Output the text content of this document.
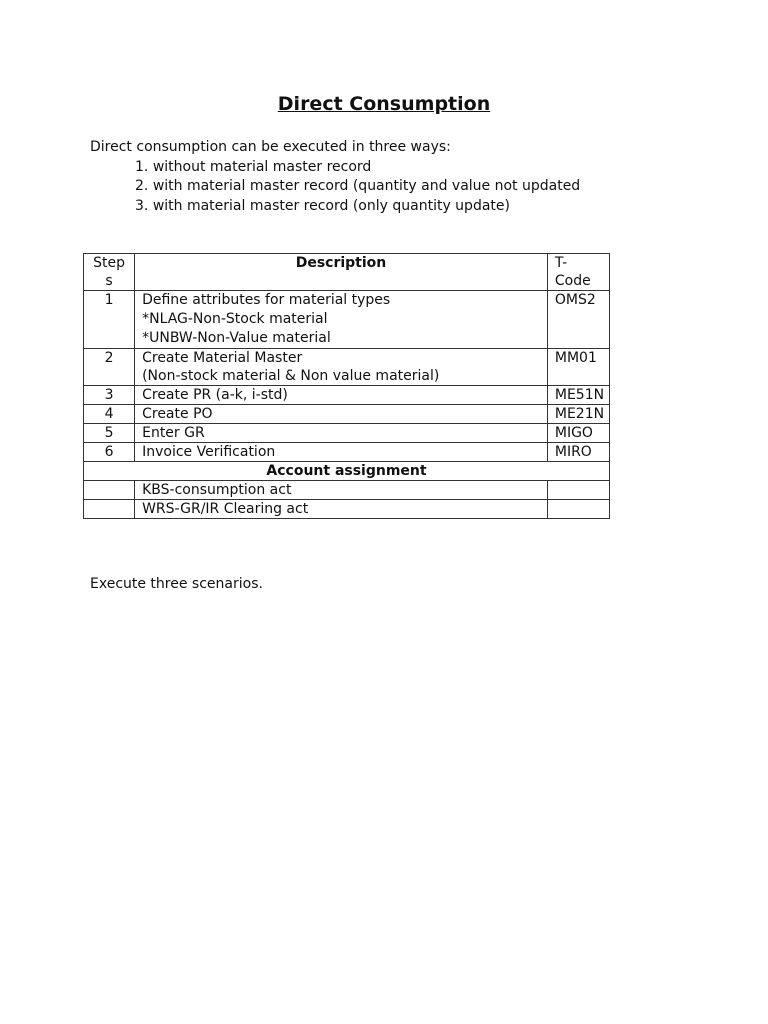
Direct Consumption
Direct consumption can be executed in three ways:
1. without material master record
2. with material master record (quantity and value not updated
3. with material master record (only quantity update)
Steps	Description	T-Code
1	Define attributes for material types
*NLAG-Non-Stock material
*UNBW-Non-Value material	OMS2
2	Create Material Master
(Non-stock material & Non value material)	MM01
3	Create PR (a-k, i-std)	ME51N
4	Create PO	ME21N
5	Enter GR	MIGO
6	Invoice Verification	MIRO
Account assignment		
	KBS-consumption act	
	WRS-GR/IR Clearing act	
Execute three scenarios.
